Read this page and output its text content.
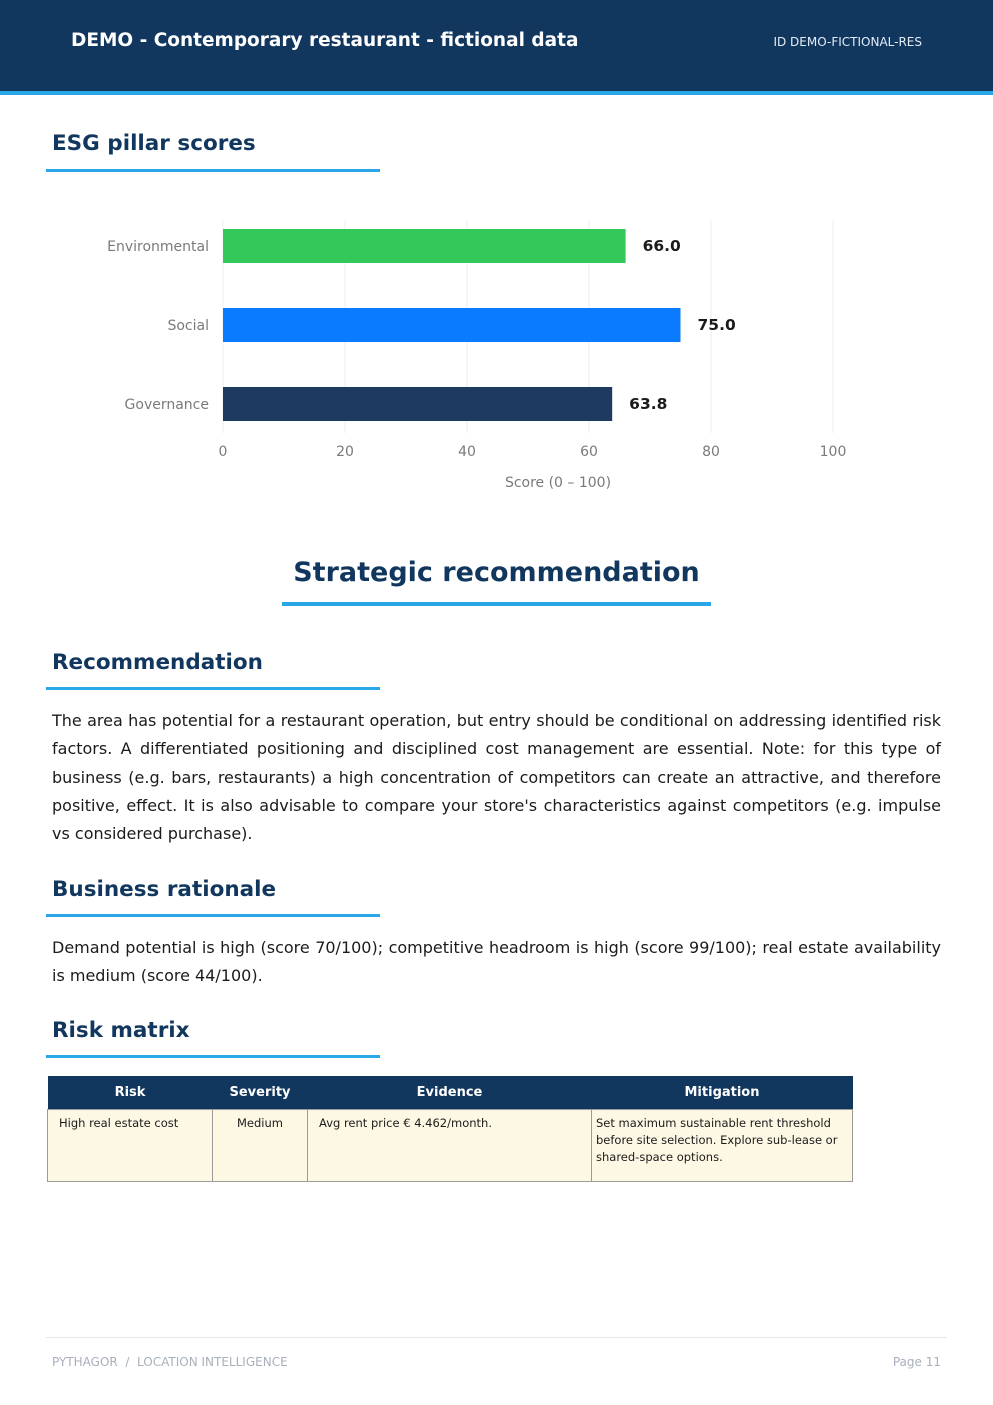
DEMO - Contemporary restaurant - fictional data	ID DEMO-FICTIONAL-RES
ESG pillar scores
0	20	40	60	80	100
Environmental	66.0
Social	75.0
Governance	63.8
Score (0 – 100)
Strategic recommendation
Recommendation

The area has potential for a restaurant operation, but entry should be conditional on addressing identified risk factors. A differentiated positioning and disciplined cost management are essential. Note: for this type of business (e.g. bars, restaurants) a high concentration of competitors can create an attractive, and therefore positive, effect. It is also advisable to compare your store's characteristics against competitors (e.g. impulse vs considered purchase).

Business rationale

Demand potential is high (score 70/100); competitive headroom is high (score 99/100); real estate availability is medium (score 44/100).

Risk matrix
Risk	Severity	Evidence	Mitigation
High real estate cost	Medium	Avg rent price € 4.462/month.	Set maximum sustainable rent threshold before site selection. Explore sub-lease or shared-space options.
PYTHAGOR  /  LOCATION INTELLIGENCE	Page 11
